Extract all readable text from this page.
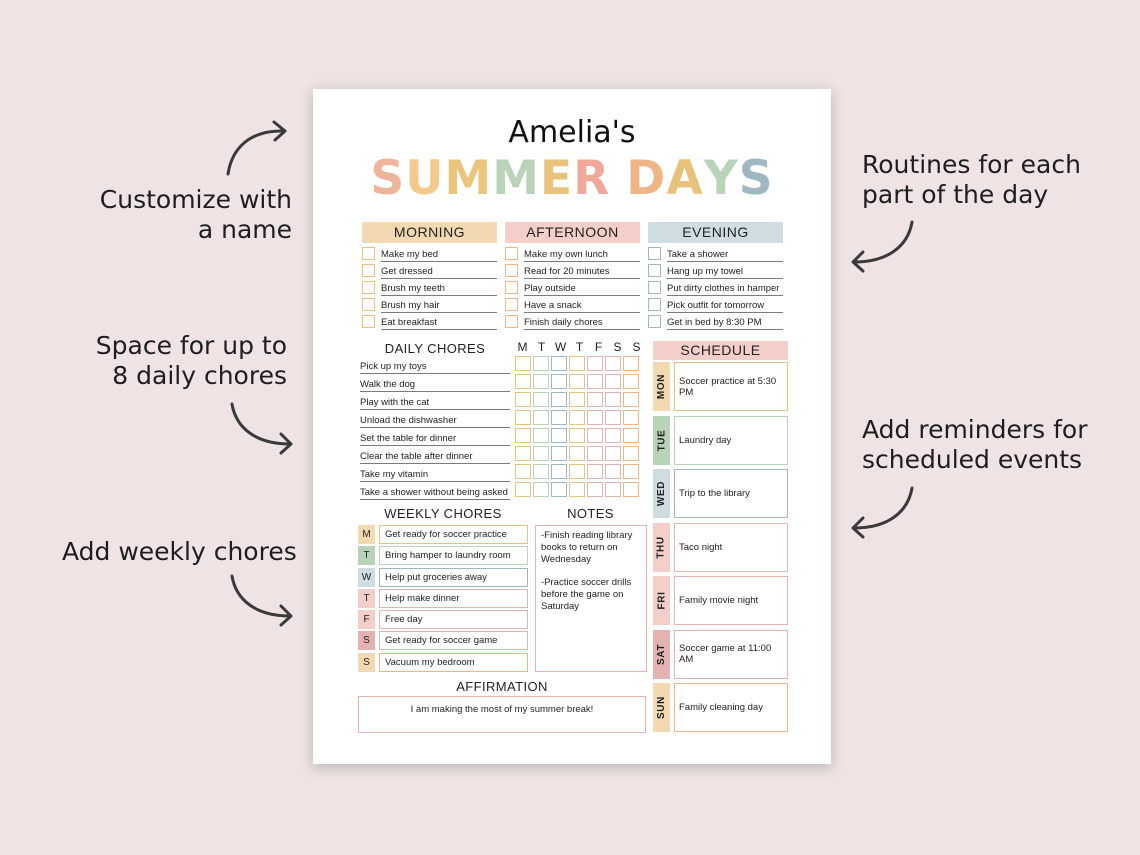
Customize with
a name
Space for up to
8 daily chores
Add weekly chores
Routines for each
part of the day
Add reminders for
scheduled events
Amelia's
SUMMER DAYS
MORNING
Make my bed
Get dressed
Brush my teeth
Brush my hair
Eat breakfast
AFTERNOON
Make my own lunch
Read for 20 minutes
Play outside
Have a snack
Finish daily chores
EVENING
Take a shower
Hang up my towel
Put dirty clothes in hamper
Pick outfit for tomorrow
Get in bed by 8:30 PM
DAILY CHORES
Pick up my toys
Walk the dog
Play with the cat
Unload the dishwasher
Set the table for dinner
Clear the table after dinner
Take my vitamin
Take a shower without being asked
M T W T F S S
WEEKLY CHORES
M	Get ready for soccer practice
T	Bring hamper to laundry room
W	Help put groceries away
T	Help make dinner
F	Free day
S	Get ready for soccer game
S	Vacuum my bedroom
NOTES

-Finish reading library books to return on Wednesday

-Practice soccer drills before the game on Saturday

SCHEDULE
MON	Soccer practice at 5:30 PM
TUE	Laundry day
WED	Trip to the library
THU	Taco night
FRI	Family movie night
SAT	Soccer game at 11:00 AM
SUN	Family cleaning day
AFFIRMATION
I am making the most of my summer break!
